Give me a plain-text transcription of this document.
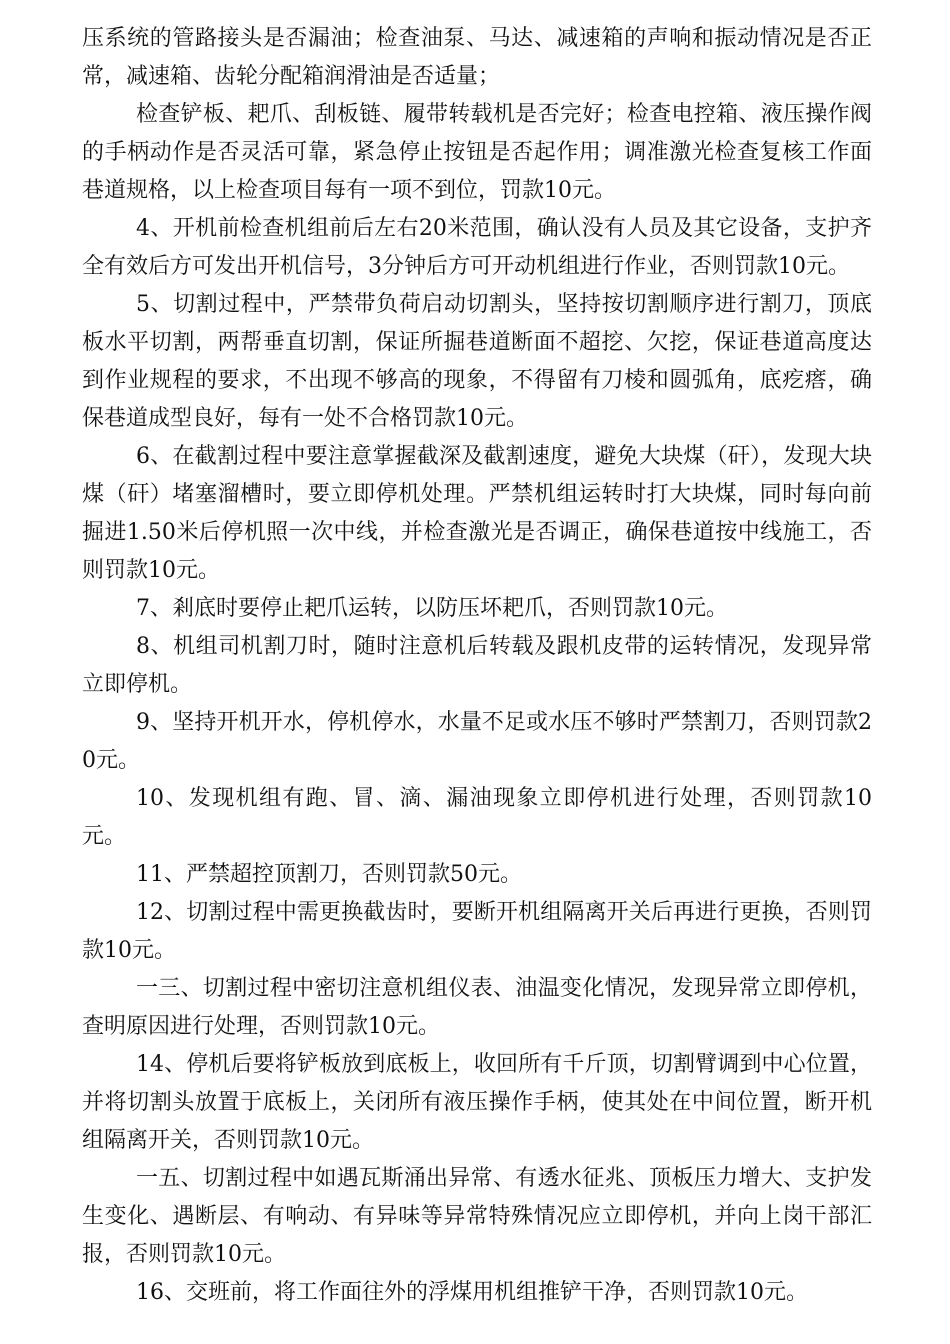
压系统的管路接头是否漏油；检查油泵、马达、减速箱的声响和振动情况是否正常，减速箱、齿轮分配箱润滑油是否适量；

检查铲板、耙爪、刮板链、履带转载机是否完好；检查电控箱、液压操作阀的手柄动作是否灵活可靠，紧急停止按钮是否起作用；调准激光检查复核工作面巷道规格，以上检查项目每有一项不到位，罚款10元。

4、开机前检查机组前后左右20米范围，确认没有人员及其它设备，支护齐全有效后方可发出开机信号，3分钟后方可开动机组进行作业，否则罚款10元。

5、切割过程中，严禁带负荷启动切割头，坚持按切割顺序进行割刀，顶底板水平切割，两帮垂直切割，保证所掘巷道断面不超挖、欠挖，保证巷道高度达到作业规程的要求，不出现不够高的现象，不得留有刀棱和圆弧角，底疙瘩，确保巷道成型良好，每有一处不合格罚款10元。

6、在截割过程中要注意掌握截深及截割速度，避免大块煤（矸），发现大块煤（矸）堵塞溜槽时，要立即停机处理。严禁机组运转时打大块煤，同时每向前掘进1.50米后停机照一次中线，并检查激光是否调正，确保巷道按中线施工，否则罚款10元。

7、剎底时要停止耙爪运转，以防压坏耙爪，否则罚款10元。

8、机组司机割刀时，随时注意机后转载及跟机皮带的运转情况，发现异常立即停机。

9、坚持开机开水，停机停水，水量不足或水压不够时严禁割刀，否则罚款20元。

10、发现机组有跑、冒、滴、漏油现象立即停机进行处理，否则罚款10元。

11、严禁超控顶割刀，否则罚款50元。

12、切割过程中需更换截齿时，要断开机组隔离开关后再进行更换，否则罚款10元。

一三、切割过程中密切注意机组仪表、油温变化情况，发现异常立即停机，查明原因进行处理，否则罚款10元。

14、停机后要将铲板放到底板上，收回所有千斤顶，切割臂调到中心位置，并将切割头放置于底板上，关闭所有液压操作手柄，使其处在中间位置，断开机组隔离开关，否则罚款10元。

一五、切割过程中如遇瓦斯涌出异常、有透水征兆、顶板压力增大、支护发生变化、遇断层、有响动、有异味等异常特殊情况应立即停机，并向上岗干部汇报，否则罚款10元。

16、交班前，将工作面往外的浮煤用机组推铲干净，否则罚款10元。
